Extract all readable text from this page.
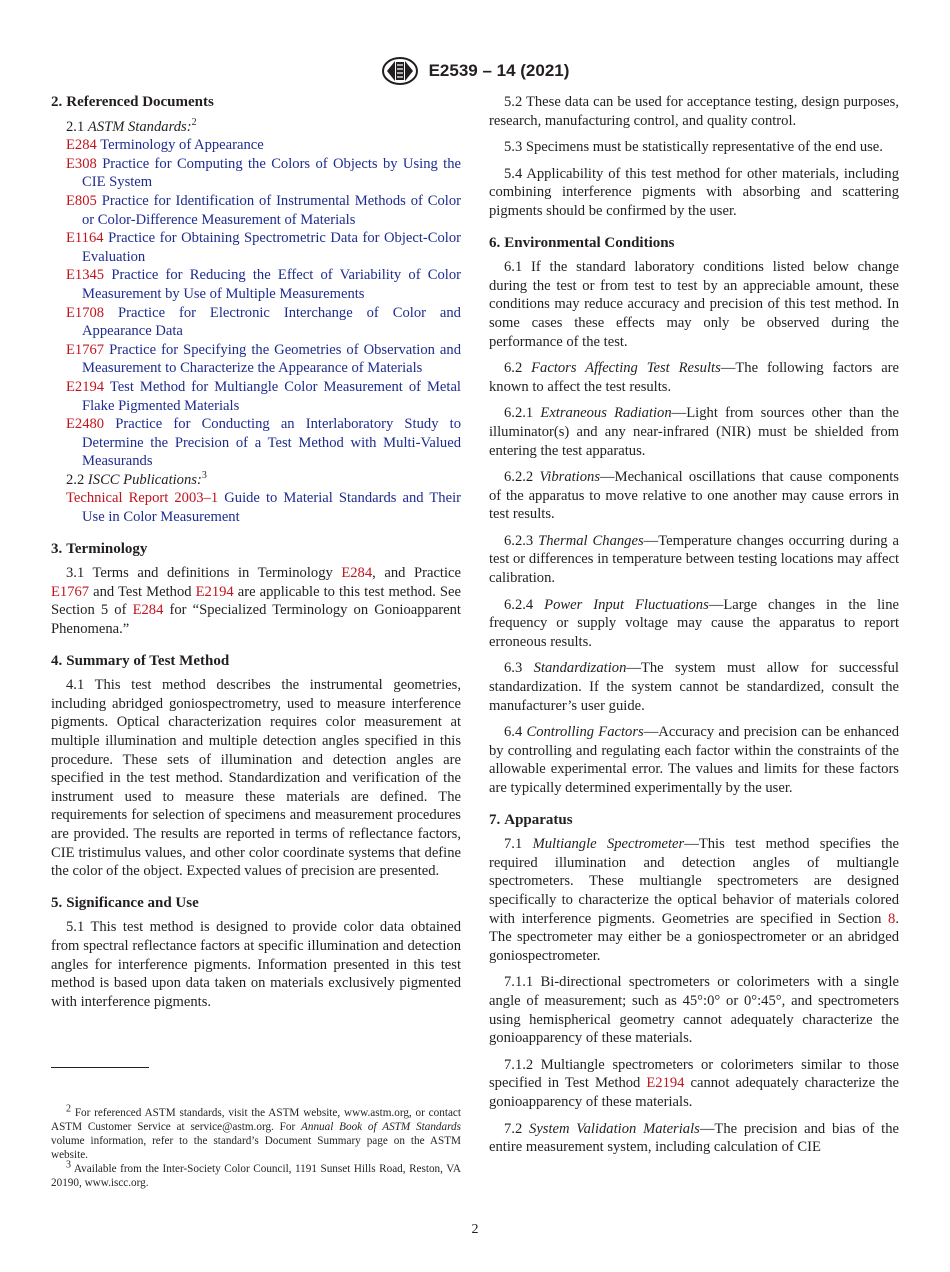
E2539 – 14 (2021)
2. Referenced Documents

2.1 ASTM Standards:$^2$

E284 Terminology of Appearance

E308 Practice for Computing the Colors of Objects by Using the CIE System

E805 Practice for Identification of Instrumental Methods of Color or Color-Difference Measurement of Materials

E1164 Practice for Obtaining Spectrometric Data for Object-Color Evaluation

E1345 Practice for Reducing the Effect of Variability of Color Measurement by Use of Multiple Measurements

E1708 Practice for Electronic Interchange of Color and Appearance Data

E1767 Practice for Specifying the Geometries of Observation and Measurement to Characterize the Appearance of Materials

E2194 Test Method for Multiangle Color Measurement of Metal Flake Pigmented Materials

E2480 Practice for Conducting an Interlaboratory Study to Determine the Precision of a Test Method with Multi-Valued Measurands

2.2 ISCC Publications:$^3$

Technical Report 2003–1 Guide to Material Standards and Their Use in Color Measurement

3. Terminology

3.1 Terms and definitions in Terminology E284, and Practice E1767 and Test Method E2194 are applicable to this test method. See Section 5 of E284 for “Specialized Terminology on Gonioapparent Phenomena.”

4. Summary of Test Method

4.1 This test method describes the instrumental geometries, including abridged goniospectrometry, used to measure interference pigments. Optical characterization requires color measurement at multiple illumination and multiple detection angles specified in this procedure. These sets of illumination and detection angles are specified in the test method. Standardization and verification of the instrument used to measure these materials are defined. The requirements for selection of specimens and measurement procedures are provided. The results are reported in terms of reflectance factors, CIE tristimulus values, and other color coordinate systems that define the color of the object. Expected values of precision are presented.

5. Significance and Use

5.1 This test method is designed to provide color data obtained from spectral reflectance factors at specific illumination and detection angles for interference pigments. Information presented in this test method is based upon data taken on materials exclusively pigmented with interference pigments.

$^2$ For referenced ASTM standards, visit the ASTM website, www.astm.org, or contact ASTM Customer Service at service@astm.org. For Annual Book of ASTM Standards volume information, refer to the standard’s Document Summary page on the ASTM website.

$^3$ Available from the Inter-Society Color Council, 1191 Sunset Hills Road, Reston, VA 20190, www.iscc.org.

5.2 These data can be used for acceptance testing, design purposes, research, manufacturing control, and quality control.

5.3 Specimens must be statistically representative of the end use.

5.4 Applicability of this test method for other materials, including combining interference pigments with absorbing and scattering pigments should be confirmed by the user.

6. Environmental Conditions

6.1 If the standard laboratory conditions listed below change during the test or from test to test by an appreciable amount, these conditions may reduce accuracy and precision of this test method. In some cases these effects may only be observed during the performance of the test.

6.2 Factors Affecting Test Results—The following factors are known to affect the test results.

6.2.1 Extraneous Radiation—Light from sources other than the illuminator(s) and any near-infrared (NIR) must be shielded from entering the test apparatus.

6.2.2 Vibrations—Mechanical oscillations that cause components of the apparatus to move relative to one another may cause errors in test results.

6.2.3 Thermal Changes—Temperature changes occurring during a test or differences in temperature between testing locations may affect calibration.

6.2.4 Power Input Fluctuations—Large changes in the line frequency or supply voltage may cause the apparatus to report erroneous results.

6.3 Standardization—The system must allow for successful standardization. If the system cannot be standardized, consult the manufacturer’s user guide.

6.4 Controlling Factors—Accuracy and precision can be enhanced by controlling and regulating each factor within the constraints of the allowable experimental error. The values and limits for these factors are typically determined experimentally by the user.

7. Apparatus

7.1 Multiangle Spectrometer—This test method specifies the required illumination and detection angles of multiangle spectrometers. These multiangle spectrometers are designed specifically to characterize the optical behavior of materials colored with interference pigments. Geometries are specified in Section 8. The spectrometer may either be a goniospectrometer or an abridged goniospectrometer.

7.1.1 Bi-directional spectrometers or colorimeters with a single angle of measurement; such as 45°:0° or 0°:45°, and spectrometers using hemispherical geometry cannot adequately characterize the gonioapparency of these materials.

7.1.2 Multiangle spectrometers or colorimeters similar to those specified in Test Method E2194 cannot adequately characterize the gonioapparency of these materials.

7.2 System Validation Materials—The precision and bias of the entire measurement system, including calculation of CIE

2
